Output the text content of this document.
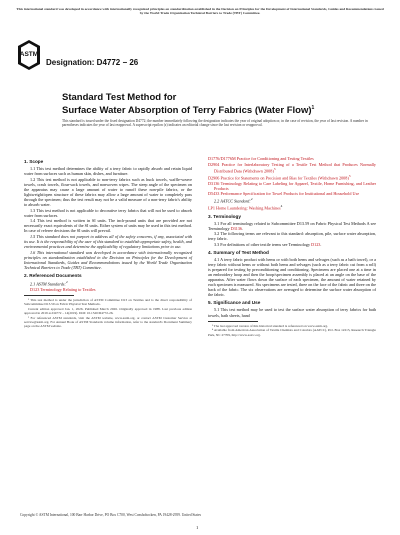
This international standard was developed in accordance with internationally recognized principles on standardization established in the Decision on Principles for the Development of International Standards, Guides and Recommendations issued by the World Trade Organization Technical Barriers to Trade (TBT) Committee.
ASTM
Designation: D4772 − 26
Standard Test Method for
Surface Water Absorption of Terry Fabrics (Water Flow)$^1$
This standard is issued under the fixed designation D4772; the number immediately following the designation indicates the year of original adoption or, in the case of revision, the year of last revision. A number in parentheses indicates the year of last reapproval. A superscript epsilon (ε) indicates an editorial change since the last revision or reapproval.

1. Scope

1.1 This test method determines the ability of a terry fabric to rapidly absorb and retain liquid water from surfaces such as human skin, dishes, and furniture.

1.2 This test method is not applicable to non-terry fabrics such as huck towels, waffle-weave towels, crash towels, flour-sack towels, and nonwoven wipes. The steep angle of the specimen on the apparatus may cause a large amount of water to runoff these non-pile fabrics, or the lightweight/open structure of these fabrics may allow a large amount of water to completely pass through the specimen; thus the test result may not be a valid measure of a non-terry fabric's ability to absorb water.

1.3 This test method is not applicable to decorative terry fabrics that will not be used to absorb water from surfaces.

1.4 This test method is written in SI units. The inch-pound units that are provided are not necessarily exact equivalents of the SI units. Either system of units may be used in this test method. In case of referee decisions the SI units will prevail.

1.5 This standard does not purport to address all of the safety concerns, if any, associated with its use. It is the responsibility of the user of this standard to establish appropriate safety, health, and environmental practices and determine the applicability of regulatory limitations prior to use.

1.6 This international standard was developed in accordance with internationally recognized principles on standardization established in the Decision on Principles for the Development of International Standards, Guides and Recommendations issued by the World Trade Organization Technical Barriers to Trade (TBT) Committee.

2. Referenced Documents

2.1 ASTM Standards:$^2$

D123 Terminology Relating to Textiles

¹ This test method is under the jurisdiction of ASTM Committee D13 on Textiles and is the direct responsibility of Subcommittee D13.59 on Fabric Physical Test Methods.

Current edition approved Jan. 1, 2026. Published March 2026. Originally approved in 1988. Last previous edition approved in 2019 as D4772 – 14(2019). DOI: 10.1520/D4772-26.

² For referenced ASTM standards, visit the ASTM website, www.astm.org, or contact ASTM Customer Service at service@astm.org. For Annual Book of ASTM Standards volume information, refer to the standard's Document Summary page on the ASTM website.

D1776/D1776M Practice for Conditioning and Testing Textiles

D2904 Practice for Interlaboratory Testing of a Textile Test Method that Produces Normally Distributed Data (Withdrawn 2008)$^3$

D2906 Practice for Statements on Precision and Bias for Textiles (Withdrawn 2008)$^3$

D3136 Terminology Relating to Care Labeling for Apparel, Textile, Home Furnishing, and Leather Products

D5433 Performance Specification for Towel Products for Institutional and Household Use

2.2 AATCC Standard:$^4$

LP1 Home Laundering: Washing Machines$^4$

3. Terminology

3.1 For all terminology related to Subcommittee D13.59 on Fabric Physical Test Methods A see Terminology D3136.

3.2 The following terms are relevant to this standard: absorption, pile, surface water absorption, terry fabric.

3.3 For definitions of other textile terms see Terminology D123.

4. Summary of Test Method

4.1 A terry fabric product with hems or with both hems and selvages (such as a bath towel), or a terry fabric without hems or without both hems and selvages (such as a terry fabric cut from a roll) is prepared for testing by preconditioning and conditioning. Specimens are placed one at a time in an embroidery hoop and then the hoop/specimen assembly is placed at an angle on the base of the apparatus. After water flows down the surface of each specimen, the amount of water retained by each specimen is measured. Six specimens are tested, three on the face of the fabric and three on the back of the fabric. The six observations are averaged to determine the surface water absorption of the fabric.

5. Significance and Use

5.1 This test method may be used to test the surface water absorption of terry fabrics for bath towels, bath sheets, hand

³ The last approved version of this historical standard is referenced on www.astm.org.

⁴ Available from American Association of Textile Chemists and Colorists (AATCC), P.O. Box 12215, Research Triangle Park, NC 27709, http://www.aatcc.org.

Copyright © ASTM International, 100 Barr Harbor Drive, PO Box C700, West Conshohocken, PA 19428-2959. United States
1
